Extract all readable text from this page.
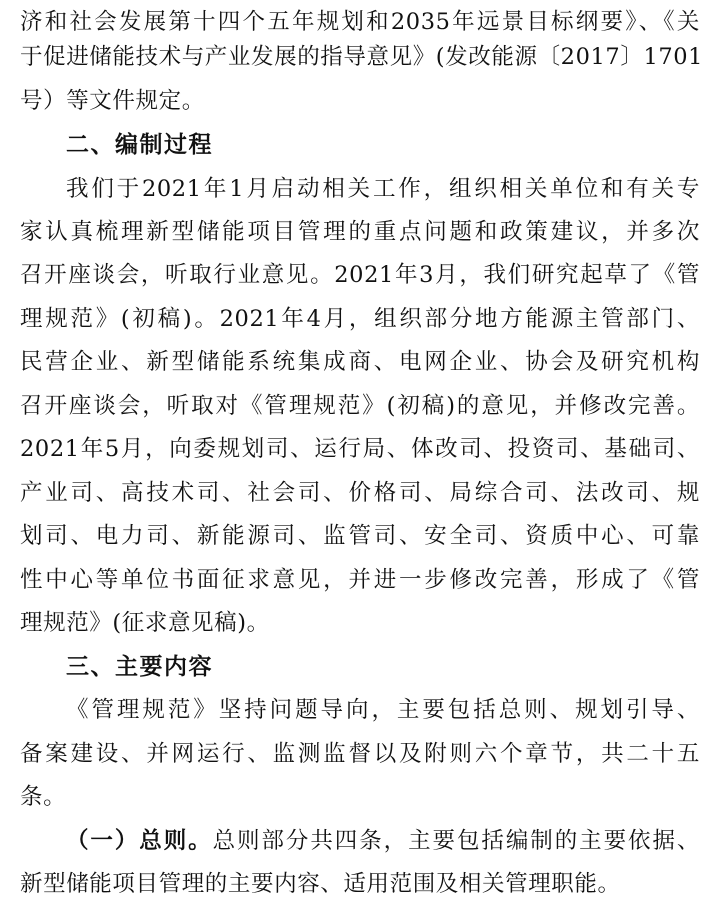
济和社会发展第十四个五年规划和2035年远景目标纲要》、《关
于促进储能技术与产业发展的指导意见》(发改能源〔2017〕1701
号）等文件规定。
二、编制过程
我们于2021年1月启动相关工作，组织相关单位和有关专
家认真梳理新型储能项目管理的重点问题和政策建议，并多次
召开座谈会，听取行业意见。2021年3月，我们研究起草了《管
理规范》(初稿)。2021年4月，组织部分地方能源主管部门、
民营企业、新型储能系统集成商、电网企业、协会及研究机构
召开座谈会，听取对《管理规范》(初稿)的意见，并修改完善。
2021年5月，向委规划司、运行局、体改司、投资司、基础司、
产业司、高技术司、社会司、价格司、局综合司、法改司、规
划司、电力司、新能源司、监管司、安全司、资质中心、可靠
性中心等单位书面征求意见，并进一步修改完善，形成了《管
理规范》(征求意见稿)。
三、主要内容
《管理规范》坚持问题导向，主要包括总则、规划引导、
备案建设、并网运行、监测监督以及附则六个章节，共二十五
条。
（一）总则。总则部分共四条，主要包括编制的主要依据、
新型储能项目管理的主要内容、适用范围及相关管理职能。
